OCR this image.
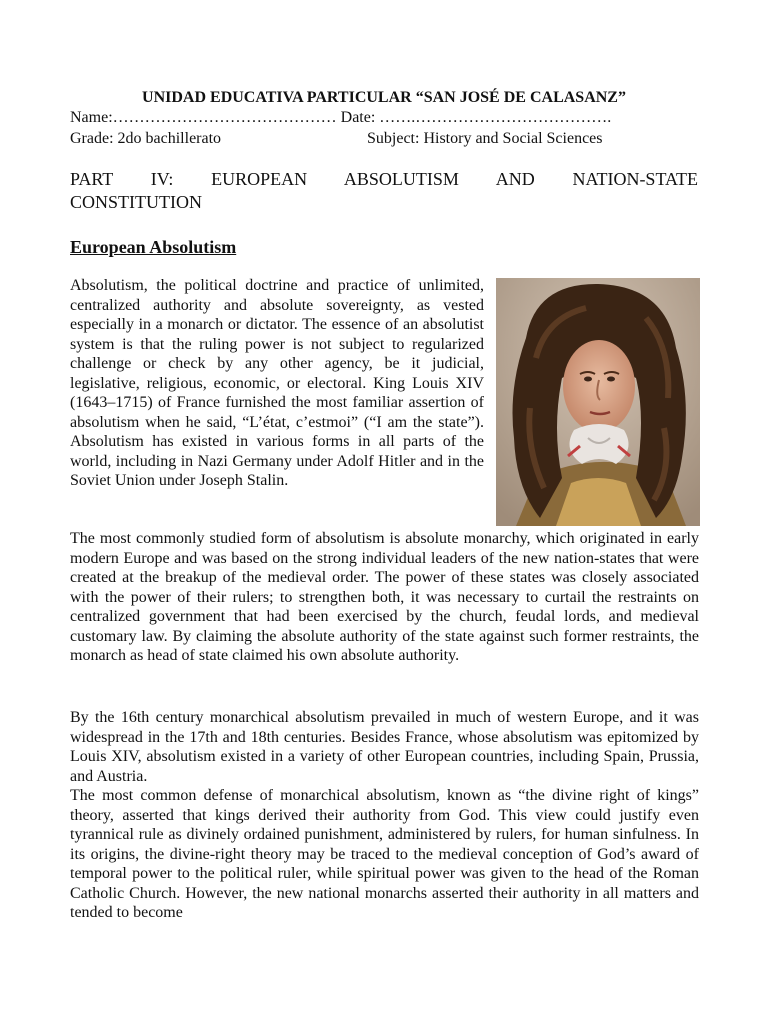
UNIDAD EDUCATIVA PARTICULAR “SAN JOSÉ DE CALASANZ”
Name:…………………………………… Date: …….……………………………….
Grade: 2do bachillerato	Subject: History and Social Sciences
PART IV: EUROPEAN ABSOLUTISM AND NATION-STATE
CONSTITUTION
European Absolutism

Absolutism, the political doctrine and practice of unlimited, centralized authority and absolute sovereignty, as vested especially in a monarch or dictator. The essence of an absolutist system is that the ruling power is not subject to regularized challenge or check by any other agency, be it judicial, legislative, religious, economic, or electoral. King Louis XIV (1643–1715) of France furnished the most familiar assertion of absolutism when he said, “L’état, c’estmoi” (“I am the state”). Absolutism has existed in various forms in all parts of the world, including in Nazi Germany under Adolf Hitler and in the Soviet Union under Joseph Stalin.

The most commonly studied form of absolutism is absolute monarchy, which originated in early modern Europe and was based on the strong individual leaders of the new nation-states that were created at the breakup of the medieval order. The power of these states was closely associated with the power of their rulers; to strengthen both, it was necessary to curtail the restraints on centralized government that had been exercised by the church, feudal lords, and medieval customary law. By claiming the absolute authority of the state against such former restraints, the monarch as head of state claimed his own absolute authority.

By the 16th century monarchical absolutism prevailed in much of western Europe, and it was widespread in the 17th and 18th centuries. Besides France, whose absolutism was epitomized by Louis XIV, absolutism existed in a variety of other European countries, including Spain, Prussia, and Austria.

The most common defense of monarchical absolutism, known as “the divine right of kings” theory, asserted that kings derived their authority from God. This view could justify even tyrannical rule as divinely ordained punishment, administered by rulers, for human sinfulness. In its origins, the divine-right theory may be traced to the medieval conception of God’s award of temporal power to the political ruler, while spiritual power was given to the head of the Roman Catholic Church. However, the new national monarchs asserted their authority in all matters and tended to become
